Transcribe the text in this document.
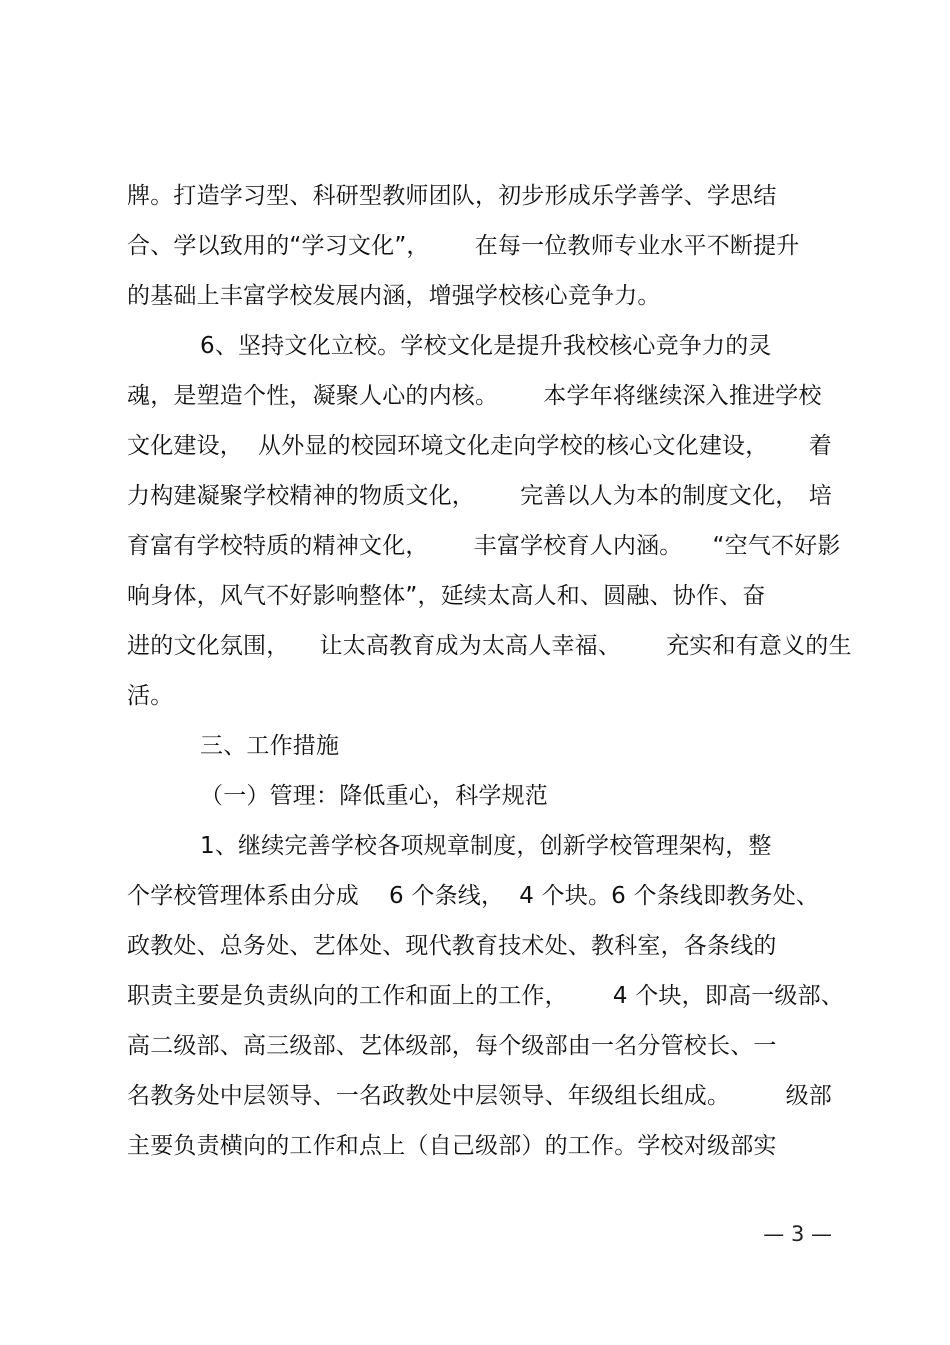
牌。打造学习型、科研型教师团队，初步形成乐学善学、学思结

合、学以致用的“学习文化”，      在每一位教师专业水平不断提升

的基础上丰富学校发展内涵，增强学校核心竞争力。

6、坚持文化立校。学校文化是提升我校核心竞争力的灵

魂，是塑造个性，凝聚人心的内核。      本学年将继续深入推进学校

文化建设，  从外显的校园环境文化走向学校的核心文化建设， 着

力构建凝聚学校精神的物质文化，      完善以人为本的制度文化， 培

育富有学校特质的精神文化，      丰富学校育人内涵。    “空气不好影

响身体，风气不好影响整体”，延续太高人和、圆融、协作、奋

进的文化氛围，    让太高教育成为太高人幸福、      充实和有意义的生

活。

三、工作措施

（一）管理：降低重心，科学规范

1、继续完善学校各项规章制度，创新学校管理架构，整

个学校管理体系由分成    6 个条线，  4 个块。6 个条线即教务处、

政教处、总务处、艺体处、现代教育技术处、教科室，各条线的

职责主要是负责纵向的工作和面上的工作，      4 个块，即高一级部、

高二级部、高三级部、艺体级部，每个级部由一名分管校长、一

名教务处中层领导、一名政教处中层领导、年级组长组成。 级部

主要负责横向的工作和点上（自己级部）的工作。学校对级部实

— 3 —
